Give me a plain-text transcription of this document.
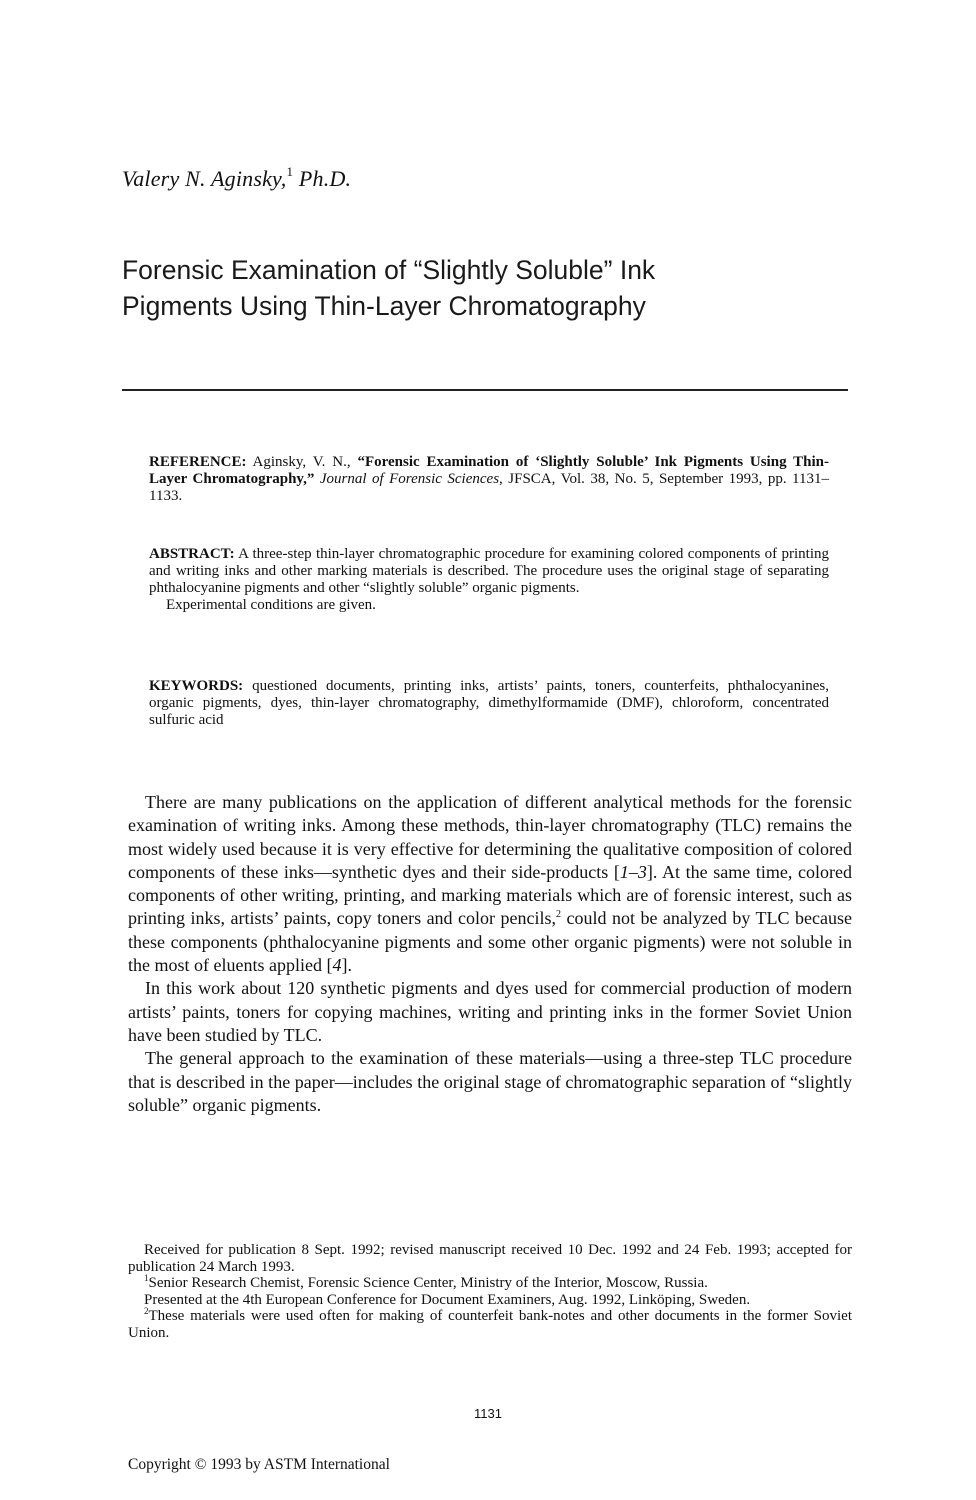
Valery N. Aginsky,$^1$ Ph.D.
Forensic Examination of “Slightly Soluble” Ink
Pigments Using Thin-Layer Chromatography
REFERENCE: Aginsky, V. N., “Forensic Examination of ‘Slightly Soluble’ Ink Pigments Using Thin-Layer Chromatography,” Journal of Forensic Sciences, JFSCA, Vol. 38, No. 5, September 1993, pp. 1131–1133.
ABSTRACT: A three-step thin-layer chromatographic procedure for examining colored components of printing and writing inks and other marking materials is described. The procedure uses the original stage of separating phthalocyanine pigments and other “slightly soluble” organic pigments.
Experimental conditions are given.
KEYWORDS: questioned documents, printing inks, artists’ paints, toners, counterfeits, phthalocyanines, organic pigments, dyes, thin-layer chromatography, dimethylformamide (DMF), chloroform, concentrated sulfuric acid

There are many publications on the application of different analytical methods for the forensic examination of writing inks. Among these methods, thin-layer chromatography (TLC) remains the most widely used because it is very effective for determining the qualitative composition of colored components of these inks—synthetic dyes and their side-products [1–3]. At the same time, colored components of other writing, printing, and marking materials which are of forensic interest, such as printing inks, artists’ paints, copy toners and color pencils,$^2$ could not be analyzed by TLC because these components (phthalocyanine pigments and some other organic pigments) were not soluble in the most of eluents applied [4].

In this work about 120 synthetic pigments and dyes used for commercial production of modern artists’ paints, toners for copying machines, writing and printing inks in the former Soviet Union have been studied by TLC.

The general approach to the examination of these materials—using a three-step TLC procedure that is described in the paper—includes the original stage of chromatographic separation of “slightly soluble” organic pigments.

Received for publication 8 Sept. 1992; revised manuscript received 10 Dec. 1992 and 24 Feb. 1993; accepted for publication 24 March 1993.

$^1$Senior Research Chemist, Forensic Science Center, Ministry of the Interior, Moscow, Russia.

Presented at the 4th European Conference for Document Examiners, Aug. 1992, Linköping, Sweden.

$^2$These materials were used often for making of counterfeit bank-notes and other documents in the former Soviet Union.

1131
Copyright © 1993 by ASTM International
